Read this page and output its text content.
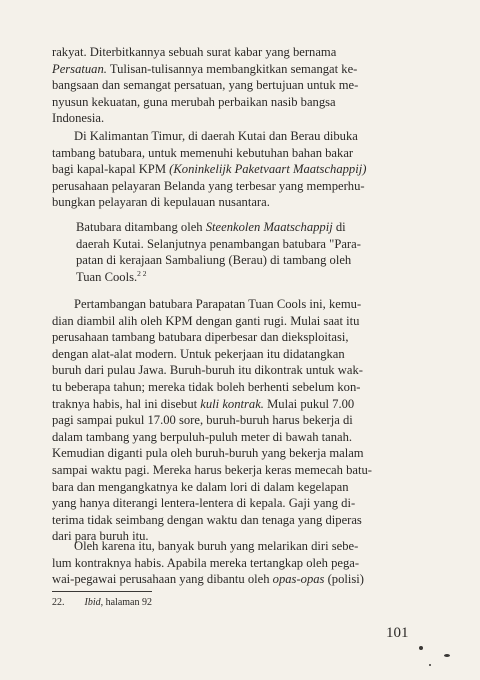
rakyat. Diterbitkannya sebuah surat kabar yang bernama
Persatuan. Tulisan-tulisannya membangkitkan semangat ke-
bangsaan dan semangat persatuan, yang bertujuan untuk me-
nyusun kekuatan, guna merubah perbaikan nasib bangsa
Indonesia.
Di Kalimantan Timur, di daerah Kutai dan Berau dibuka
tambang batubara, untuk memenuhi kebutuhan bahan bakar
bagi kapal-kapal KPM (Koninkelijk Paketvaart Maatschappij)
perusahaan pelayaran Belanda yang terbesar yang memperhu-
bungkan pelayaran di kepulauan nusantara.
Batubara ditambang oleh Steenkolen Maatschappij di
daerah Kutai. Selanjutnya penambangan batubara "Para-
patan di kerajaan Sambaliung (Berau) di tambang oleh
Tuan Cools.$^{2 2}$
Pertambangan batubara Parapatan Tuan Cools ini, kemu-
dian diambil alih oleh KPM dengan ganti rugi. Mulai saat itu
perusahaan tambang batubara diperbesar dan dieksploitasi,
dengan alat-alat modern. Untuk pekerjaan itu didatangkan
buruh dari pulau Jawa. Buruh-buruh itu dikontrak untuk wak-
tu beberapa tahun; mereka tidak boleh berhenti sebelum kon-
traknya habis, hal ini disebut kuli kontrak. Mulai pukul 7.00
pagi sampai pukul 17.00 sore, buruh-buruh harus bekerja di
dalam tambang yang berpuluh-puluh meter di bawah tanah.
Kemudian diganti pula oleh buruh-buruh yang bekerja malam
sampai waktu pagi. Mereka harus bekerja keras memecah batu-
bara dan mengangkatnya ke dalam lori di dalam kegelapan
yang hanya diterangi lentera-lentera di kepala. Gaji yang di-
terima tidak seimbang dengan waktu dan tenaga yang diperas
dari para buruh itu.
Oleh karena itu, banyak buruh yang melarikan diri sebe-
lum kontraknya habis. Apabila mereka tertangkap oleh pega-
wai-pegawai perusahaan yang dibantu oleh opas-opas (polisi)
22. Ibid, halaman 92
101
